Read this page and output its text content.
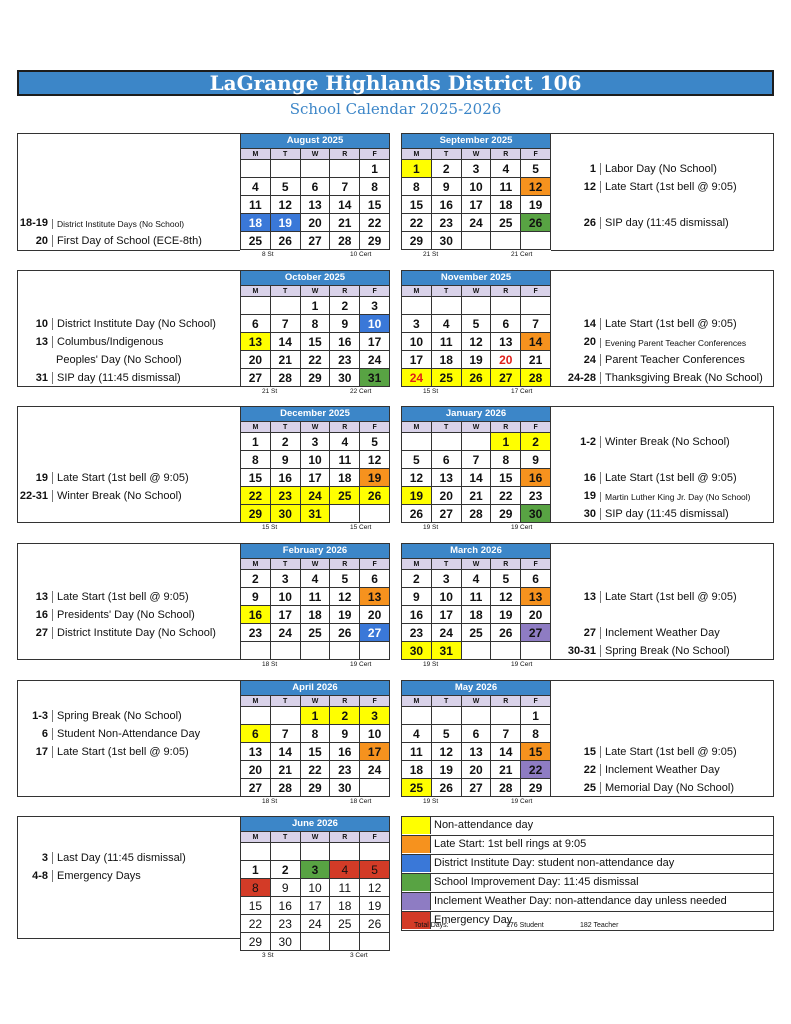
LaGrange Highlands District 106
School Calendar 2025-2026
18-19	District Institute Days (No School)
20 First Day of School (ECE-8th)
1 Labor Day (No School)
12 Late Start (1st bell @ 9:05)
26 SIP day (11:45 dismissal)
August 2025
M	T	W	R	F
				1
4	5	6	7	8
11	12	13	14	15
18	19	20	21	22
25	26	27	28	29
8 St	10 Cert
September 2025
M	T	W	R	F
1	2	3	4	5
8	9	10	11	12
15	16	17	18	19
22	23	24	25	26
29	30			
21 St	21 Cert
10 District Institute Day (No School)
13 Columbus/Indigenous
Peoples' Day (No School)
31 SIP day (11:45 dismissal)
14 Late Start (1st bell @ 9:05)
20	Evening Parent Teacher Conferences
24 Parent Teacher Conferences
24-28 Thanksgiving Break (No School)
October 2025
M	T	W	R	F
		1	2	3
6	7	8	9	10
13	14	15	16	17
20	21	22	23	24
27	28	29	30	31
21 St	22 Cert
November 2025
M	T	W	R	F

3	4	5	6	7
10	11	12	13	14
17	18	19	20	21
24	25	26	27	28
15 St	17 Cert
19 Late Start (1st bell @ 9:05)
22-31 Winter Break (No School)
1-2 Winter Break (No School)
16 Late Start (1st bell @ 9:05)
19	Martin Luther King Jr. Day (No School)
30 SIP day (11:45 dismissal)
December 2025
M	T	W	R	F
1	2	3	4	5
8	9	10	11	12
15	16	17	18	19
22	23	24	25	26
29	30	31		
15 St	15 Cert
January 2026
M	T	W	R	F
			1	2
5	6	7	8	9
12	13	14	15	16
19	20	21	22	23
26	27	28	29	30
19 St	19 Cert
13 Late Start (1st bell @ 9:05)
16 Presidents' Day (No School)
27 District Institute Day (No School)
13 Late Start (1st bell @ 9:05)
27 Inclement Weather Day
30-31 Spring Break (No School)
February 2026
M	T	W	R	F
2	3	4	5	6
9	10	11	12	13
16	17	18	19	20
23	24	25	26	27

18 St	19 Cert
March 2026
M	T	W	R	F
2	3	4	5	6
9	10	11	12	13
16	17	18	19	20
23	24	25	26	27
30	31			
19 St	19 Cert
1-3 Spring Break (No School)
6 Student Non-Attendance Day
17 Late Start (1st bell @ 9:05)	15 Late Start (1st bell @ 9:05)
22 Inclement Weather Day
25 Memorial Day (No School)
April 2026
M	T	W	R	F
		1	2	3
6	7	8	9	10
13	14	15	16	17
20	21	22	23	24
27	28	29	30	
18 St	18 Cert
May 2026
M	T	W	R	F
				1
4	5	6	7	8
11	12	13	14	15
18	19	20	21	22
25	26	27	28	29
19 St	19 Cert
3 Last Day (11:45 dismissal)
4-8 Emergency Days
June 2026
M	T	W	R	F

1	2	3	4	5
8	9	10	11	12
15	16	17	18	19
22	23	24	25	26
29	30			
3 St	3 Cert
Non-attendance day
Late Start: 1st bell rings at 9:05
District Institute Day: student non-attendance day
School Improvement Day: 11:45 dismissal
Inclement Weather Day: non-attendance day unless needed
Emergency Day
Total Days:	176 Student	182 Teacher
